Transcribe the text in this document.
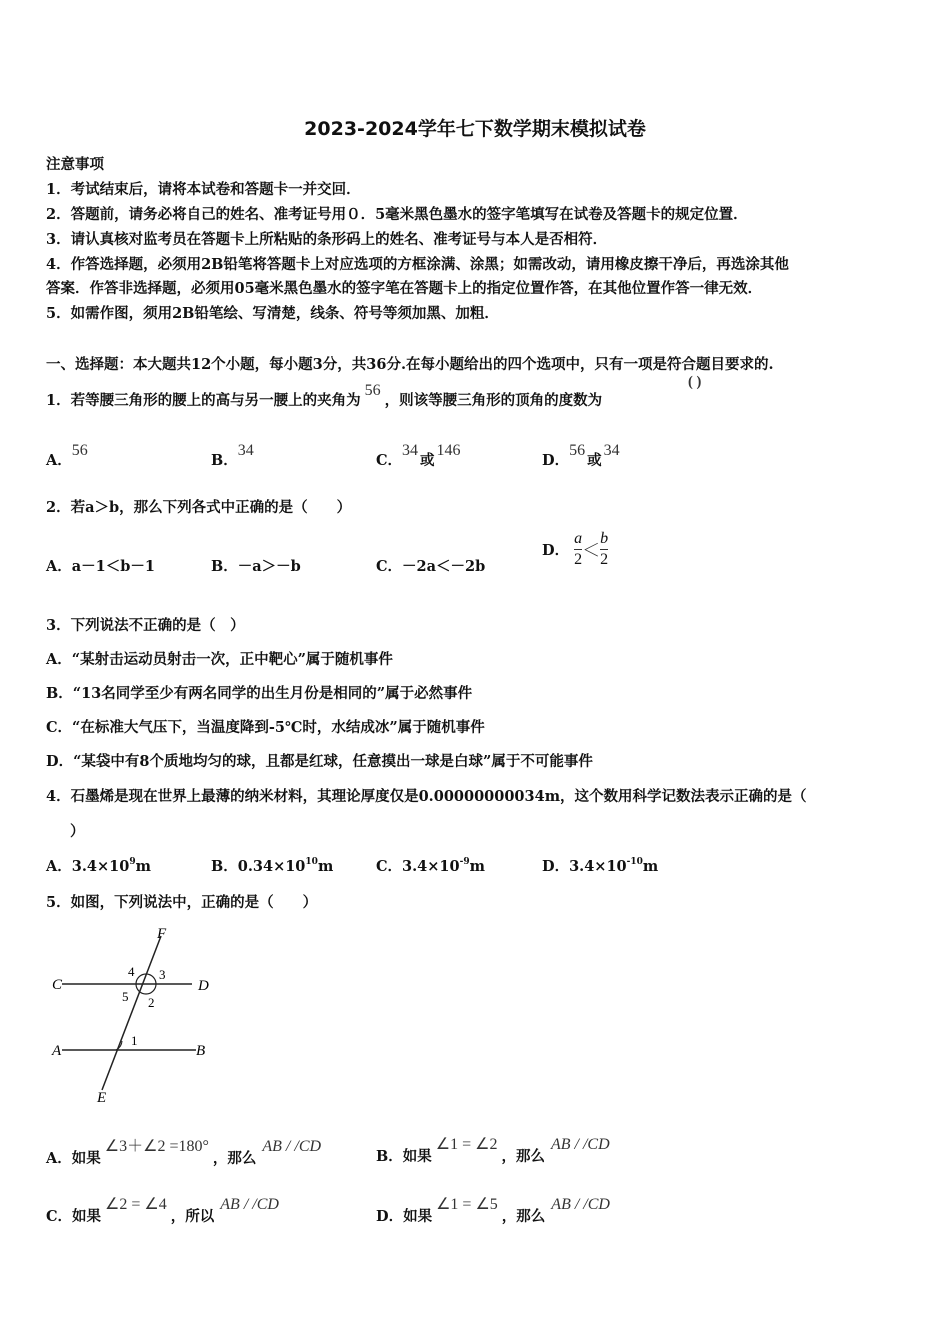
2023-2024学年七下数学期末模拟试卷
注意事项
1．考试结束后，请将本试卷和答题卡一并交回．
2．答题前，请务必将自己的姓名、准考证号用０．5毫米黑色墨水的签字笔填写在试卷及答题卡的规定位置．
3．请认真核对监考员在答题卡上所粘贴的条形码上的姓名、准考证号与本人是否相符．
4．作答选择题，必须用2B铅笔将答题卡上对应选项的方框涂满、涂黑；如需改动，请用橡皮擦干净后，再选涂其他
答案．作答非选择题，必须用05毫米黑色墨水的签字笔在答题卡上的指定位置作答，在其他位置作答一律无效．
5．如需作图，须用2B铅笔绘、写清楚，线条、符号等须加黑、加粗．
一、选择题：本大题共12个小题，每小题3分，共36分.在每小题给出的四个选项中，只有一项是符合题目要求的.
1．若等腰三角形的腰上的高与另一腰上的夹角为56，则该等腰三角形的顶角的度数为
( )
A．56
B．34
C．34或146
D．56或34
2．若a＞b，那么下列各式中正确的是（　　）
A．a－1＜b－1	B．－a＞－b	C．－2a＜－2b
D． $\frac{a}{2} < \frac{b}{2}$
3．下列说法不正确的是（　）
A．“某射击运动员射击一次，正中靶心”属于随机事件
B．“13名同学至少有两名同学的出生月份是相同的”属于必然事件
C．“在标准大气压下，当温度降到-5℃时，水结成冰”属于随机事件
D．“某袋中有8个质地均匀的球，且都是红球，任意摸出一球是白球”属于不可能事件
4．石墨烯是现在世界上最薄的纳米材料，其理论厚度仅是0.00000000034m，这个数用科学记数法表示正确的是（
）
A．$3.4\times 10^9m$	B．$0.34\times 10^{10}m$	C．$3.4\times 10^{-9}m$	D．$3.4\times 10^{-10}m$
5．如图，下列说法中，正确的是（　　）
F
C	D
A	B
E
4 3
5 2
1
A．如果∠3＋∠2 =180°，那么AB / /CD
B．如果∠1 = ∠2，那么AB / /CD
C．如果∠2 = ∠4，所以AB / /CD
D．如果∠1 = ∠5，那么AB / /CD
